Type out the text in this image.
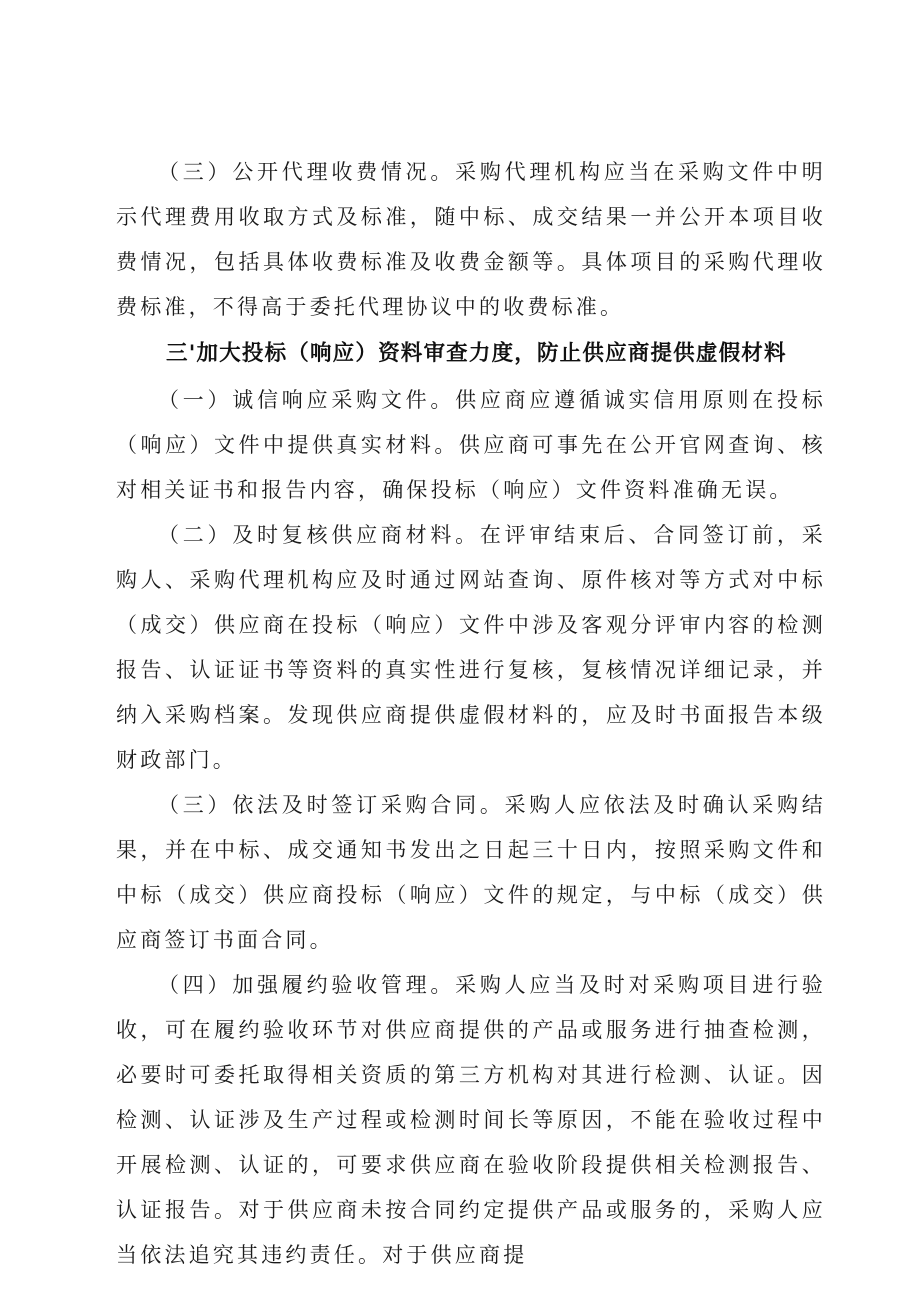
（三）公开代理收费情况。采购代理机构应当在采购文件中明示代理费用收取方式及标准，随中标、成交结果一并公开本项目收费情况，包括具体收费标准及收费金额等。具体项目的采购代理收费标准，不得高于委托代理协议中的收费标准。

三'加大投标（响应）资料审查力度，防止供应商提供虚假材料

（一）诚信响应采购文件。供应商应遵循诚实信用原则在投标（响应）文件中提供真实材料。供应商可事先在公开官网查询、核对相关证书和报告内容，确保投标（响应）文件资料准确无误。

（二）及时复核供应商材料。在评审结束后、合同签订前，采购人、采购代理机构应及时通过网站查询、原件核对等方式对中标（成交）供应商在投标（响应）文件中涉及客观分评审内容的检测报告、认证证书等资料的真实性进行复核，复核情况详细记录，并纳入采购档案。发现供应商提供虚假材料的，应及时书面报告本级财政部门。

（三）依法及时签订采购合同。采购人应依法及时确认采购结果，并在中标、成交通知书发出之日起三十日内，按照采购文件和中标（成交）供应商投标（响应）文件的规定，与中标（成交）供应商签订书面合同。

（四）加强履约验收管理。采购人应当及时对采购项目进行验收，可在履约验收环节对供应商提供的产品或服务进行抽查检测，必要时可委托取得相关资质的第三方机构对其进行检测、认证。因检测、认证涉及生产过程或检测时间长等原因，不能在验收过程中开展检测、认证的，可要求供应商在验收阶段提供相关检测报告、认证报告。对于供应商未按合同约定提供产品或服务的，采购人应当依法追究其违约责任。对于供应商提
